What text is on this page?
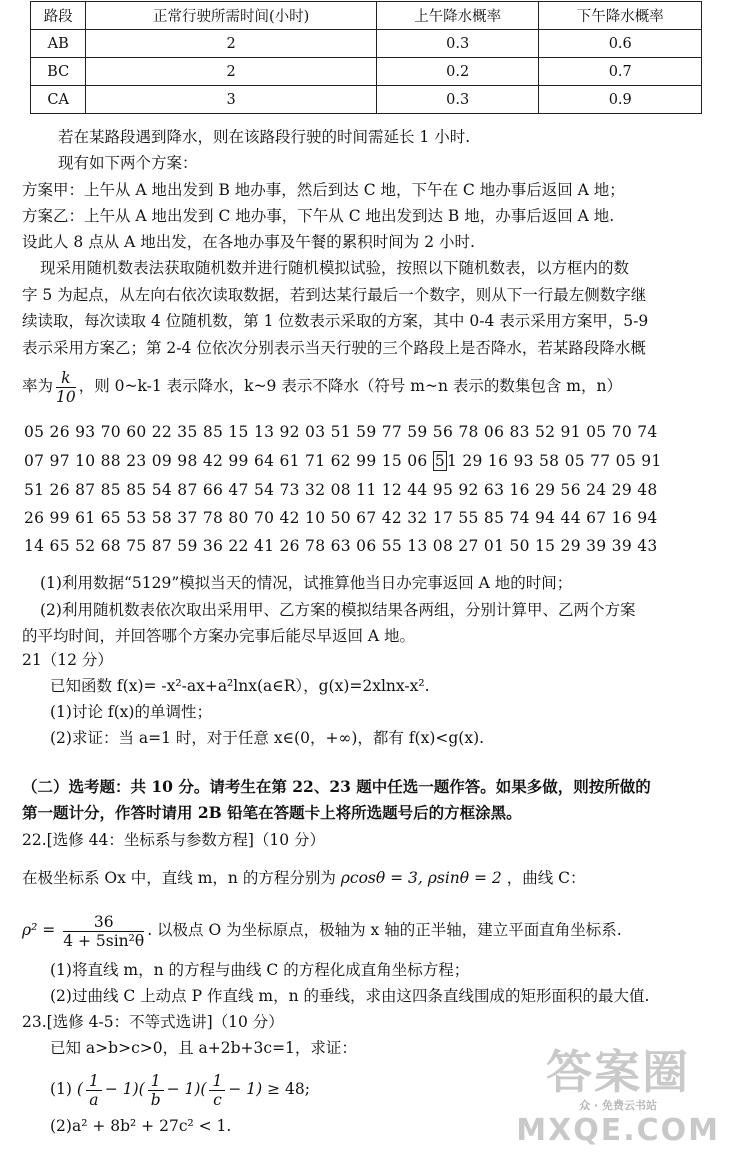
路段	正常行驶所需时间(小时)	上午降水概率	下午降水概率
AB	2	0.3	0.6
BC	2	0.2	0.7
CA	3	0.3	0.9
若在某路段遇到降水，则在该路段行驶的时间需延长 1 小时.
现有如下两个方案：
方案甲：上午从 A 地出发到 B 地办事，然后到达 C 地，下午在 C 地办事后返回 A 地；
方案乙：上午从 A 地出发到 C 地办事，下午从 C 地出发到达 B 地，办事后返回 A 地.
设此人 8 点从 A 地出发，在各地办事及午餐的累积时间为 2 小时.
现采用随机数表法获取随机数并进行随机模拟试验，按照以下随机数表，以方框内的数
字 5 为起点，从左向右依次读取数据，若到达某行最后一个数字，则从下一行最左侧数字继
续读取，每次读取 4 位随机数，第 1 位数表示采取的方案，其中 0-4 表示采用方案甲，5-9
表示采用方案乙；第 2-4 位依次分别表示当天行驶的三个路段上是否降水，若某路段降水概
率为 $\frac{k}{10}$ ，则 0~k-1 表示降水，k~9 表示不降水（符号 m~n 表示的数集包含 m，n）
05 26 93 70 60 22 35 85 15 13 92 03 51 59 77 59 56 78 06 83 52 91 05 70 74
07 97 10 88 23 09 98 42 99 64 61 71 62 99 15 06 5 1 29 16 93 58 05 77 05 91
51 26 87 85 85 54 87 66 47 54 73 32 08 11 12 44 95 92 63 16 29 56 24 29 48
26 99 61 65 53 58 37 78 80 70 42 10 50 67 42 32 17 55 85 74 94 44 67 16 94
14 65 52 68 75 87 59 36 22 41 26 78 63 06 55 13 08 27 01 50 15 29 39 39 43
(1)利用数据“5129”模拟当天的情况，试推算他当日办完事返回 A 地的时间；
(2)利用随机数表依次取出采用甲、乙方案的模拟结果各两组，分别计算甲、乙两个方案
的平均时间，并回答哪个方案办完事后能尽早返回 A 地。
21（12 分）
已知函数 f(x)= -x²-ax+a²lnx(a∈R），g(x)=2xlnx-x².
(1)讨论 f(x)的单调性；
(2)求证：当 a=1 时，对于任意 x∈(0，+∞)，都有 f(x)<g(x).
（二）选考题：共 10 分。请考生在第 22、23 题中任选一题作答。如果多做，则按所做的
第一题计分，作答时请用 2B 铅笔在答题卡上将所选题号后的方框涂黑。
22.[选修 44：坐标系与参数方程]（10 分）
在极坐标系 Ox 中，直线 m，n 的方程分别为 ρcosθ = 3, ρsinθ = 2 ，曲线 C：
$\rho^2 = \frac{36}{\text{4 + 5sin²θ}}$ . 以极点 O 为坐标原点，极轴为 x 轴的正半轴，建立平面直角坐标系.
(1)将直线 m，n 的方程与曲线 C 的方程化成直角坐标方程；
(2)过曲线 C 上动点 P 作直线 m，n 的垂线，求由这四条直线围成的矩形面积的最大值.
23.[选修 4-5：不等式选讲]（10 分）
已知 a>b>c>0，且 a+2b+3c=1，求证：
(1) ( $\frac{1}{a} - 1)( \frac{1}{b} - 1)( \frac{1}{c} - 1) \ge 48$;
(2)a² + 8b² + 27c² < 1.
答案圈
众 · 免费云书站
MXQE.COM
